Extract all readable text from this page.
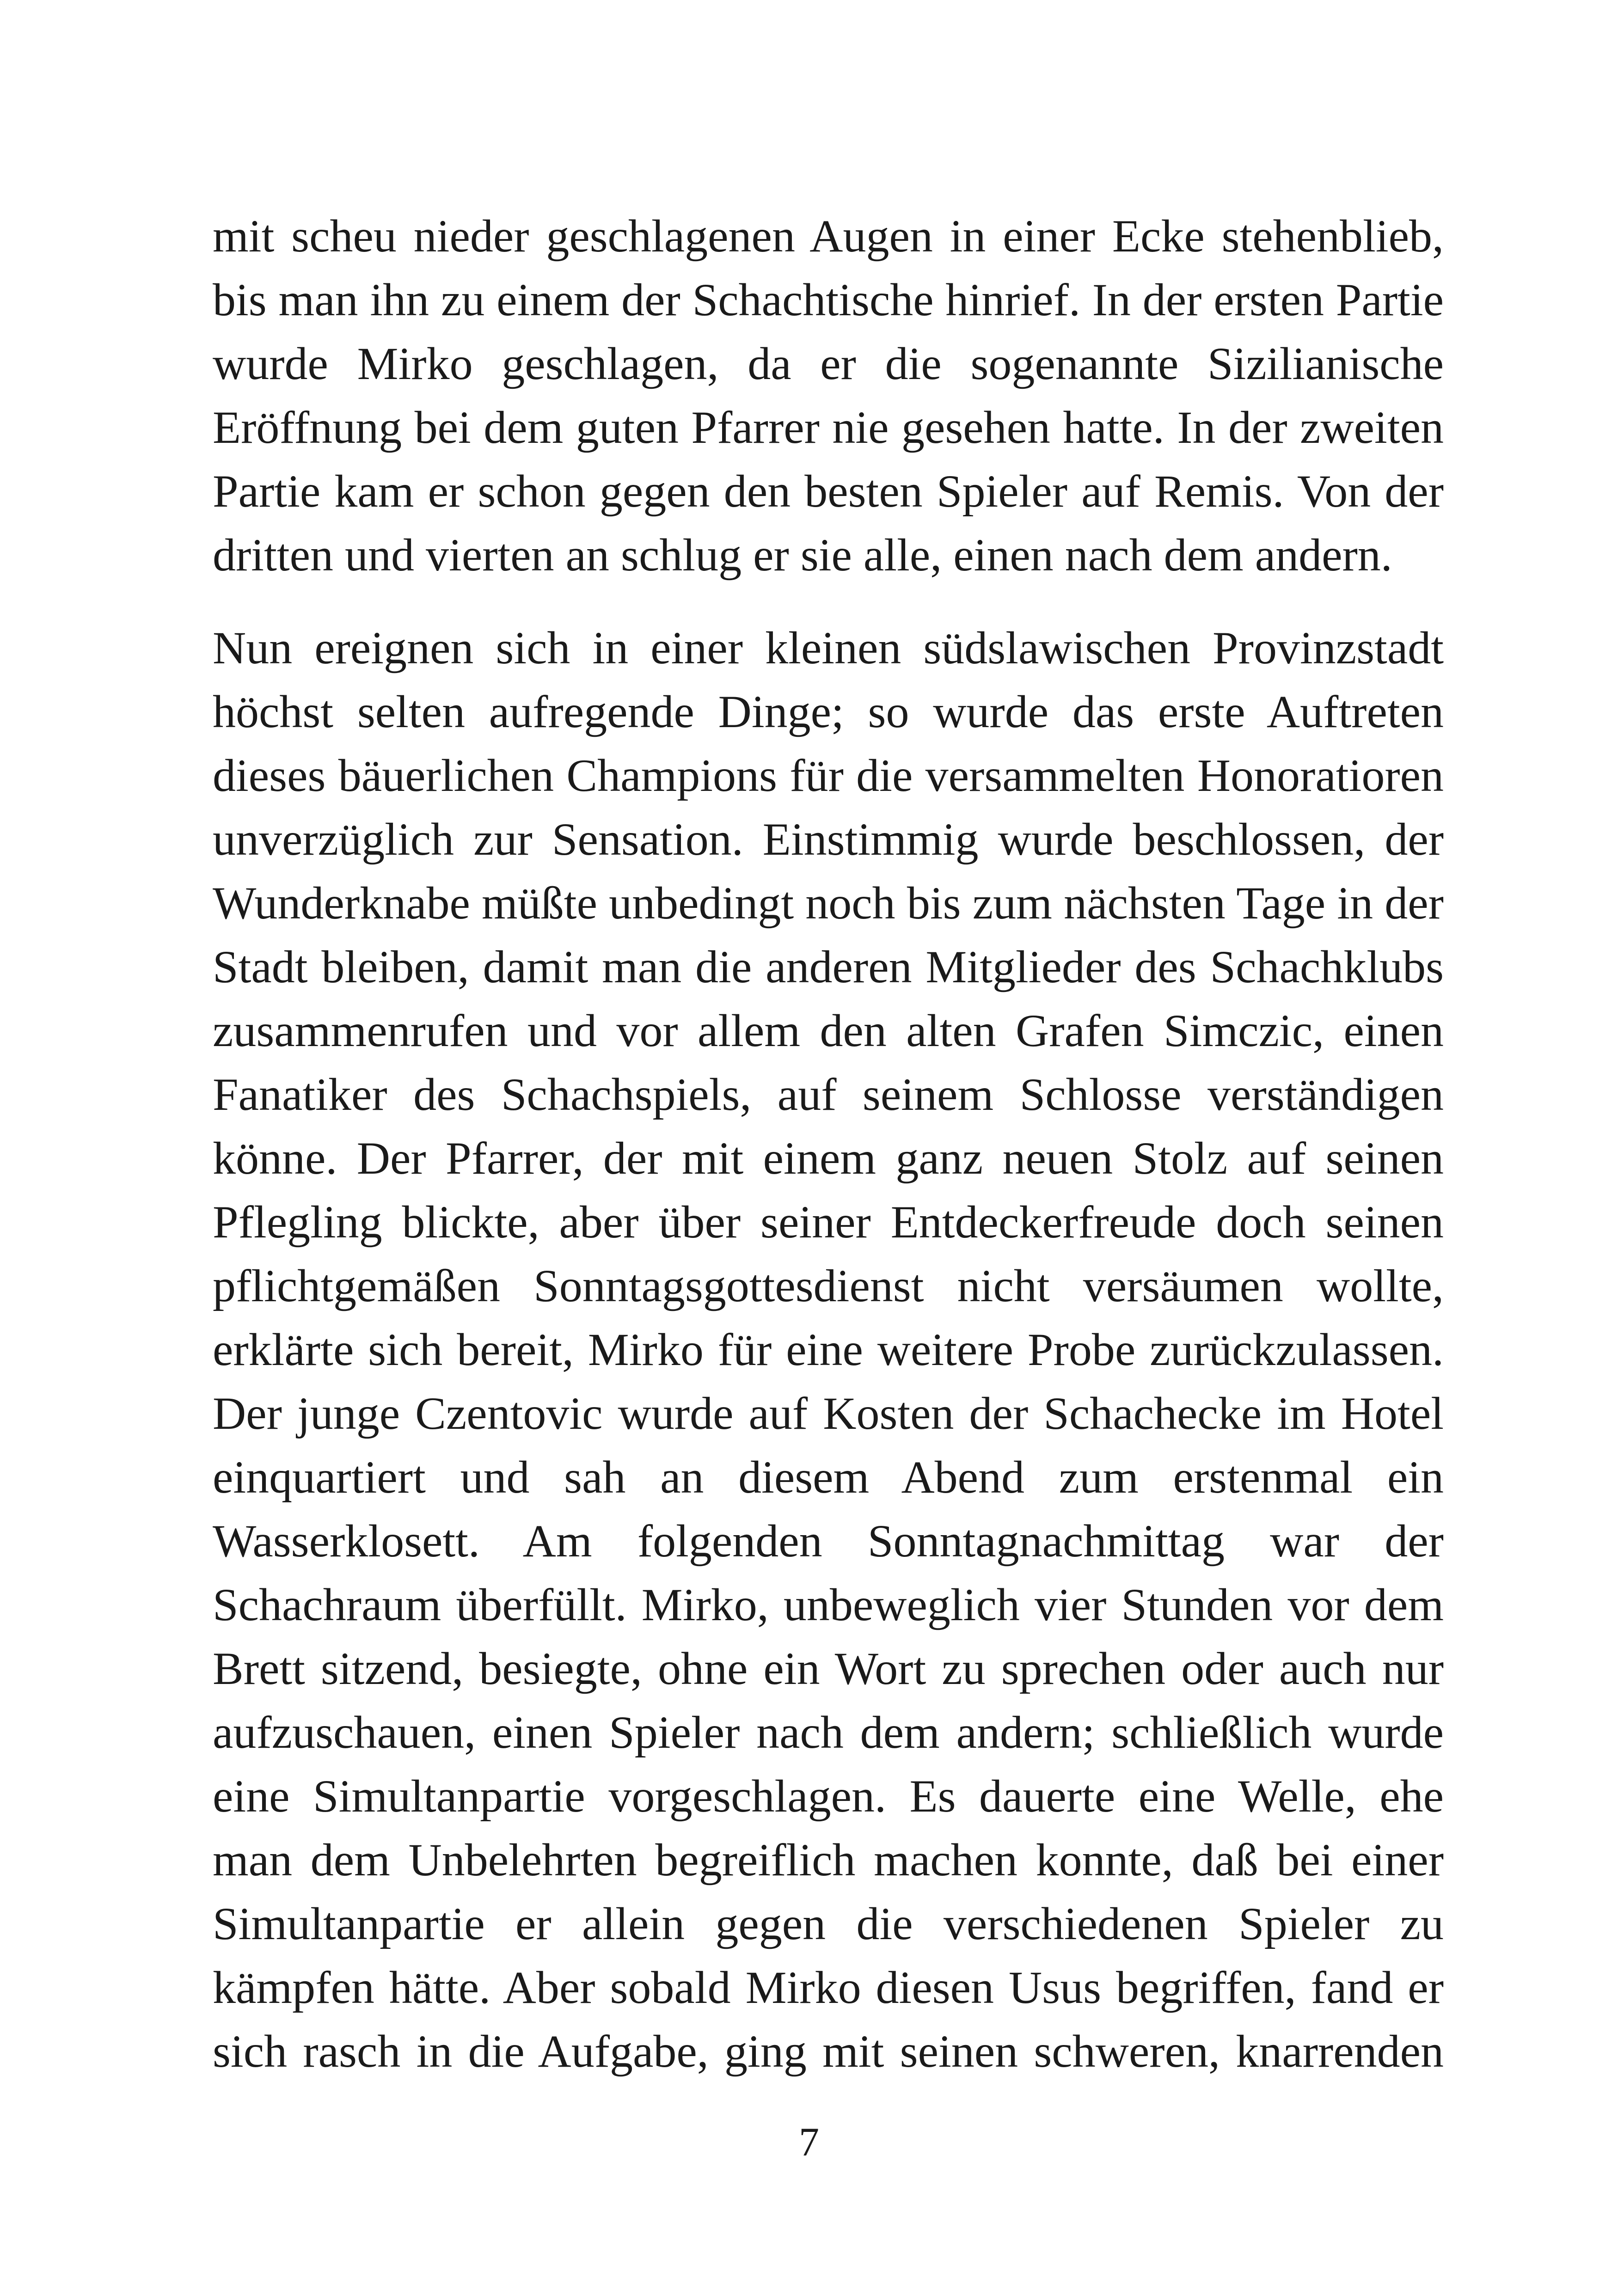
mit scheu nieder geschlagenen Augen in einer Ecke stehenblieb,
bis man ihn zu einem der Schachtische hinrief. In der ersten Partie
wurde Mirko geschlagen, da er die sogenannte Sizilianische
Eröffnung bei dem guten Pfarrer nie gesehen hatte. In der zweiten
Partie kam er schon gegen den besten Spieler auf Remis. Von der
dritten und vierten an schlug er sie alle, einen nach dem andern.
Nun ereignen sich in einer kleinen südslawischen Provinzstadt
höchst selten aufregende Dinge; so wurde das erste Auftreten
dieses bäuerlichen Champions für die versammelten Honoratioren
unverzüglich zur Sensation. Einstimmig wurde beschlossen, der
Wunderknabe müßte unbedingt noch bis zum nächsten Tage in der
Stadt bleiben, damit man die anderen Mitglieder des Schachklubs
zusammenrufen und vor allem den alten Grafen Simczic, einen
Fanatiker des Schachspiels, auf seinem Schlosse verständigen
könne. Der Pfarrer, der mit einem ganz neuen Stolz auf seinen
Pflegling blickte, aber über seiner Entdeckerfreude doch seinen
pflichtgemäßen Sonntagsgottesdienst nicht versäumen wollte,
erklärte sich bereit, Mirko für eine weitere Probe zurückzulassen.
Der junge Czentovic wurde auf Kosten der Schachecke im Hotel
einquartiert und sah an diesem Abend zum erstenmal ein
Wasserklosett. Am folgenden Sonntagnachmittag war der
Schachraum überfüllt. Mirko, unbeweglich vier Stunden vor dem
Brett sitzend, besiegte, ohne ein Wort zu sprechen oder auch nur
aufzuschauen, einen Spieler nach dem andern; schließlich wurde
eine Simultanpartie vorgeschlagen. Es dauerte eine Welle, ehe
man dem Unbelehrten begreiflich machen konnte, daß bei einer
Simultanpartie er allein gegen die verschiedenen Spieler zu
kämpfen hätte. Aber sobald Mirko diesen Usus begriffen, fand er
sich rasch in die Aufgabe, ging mit seinen schweren, knarrenden
7
